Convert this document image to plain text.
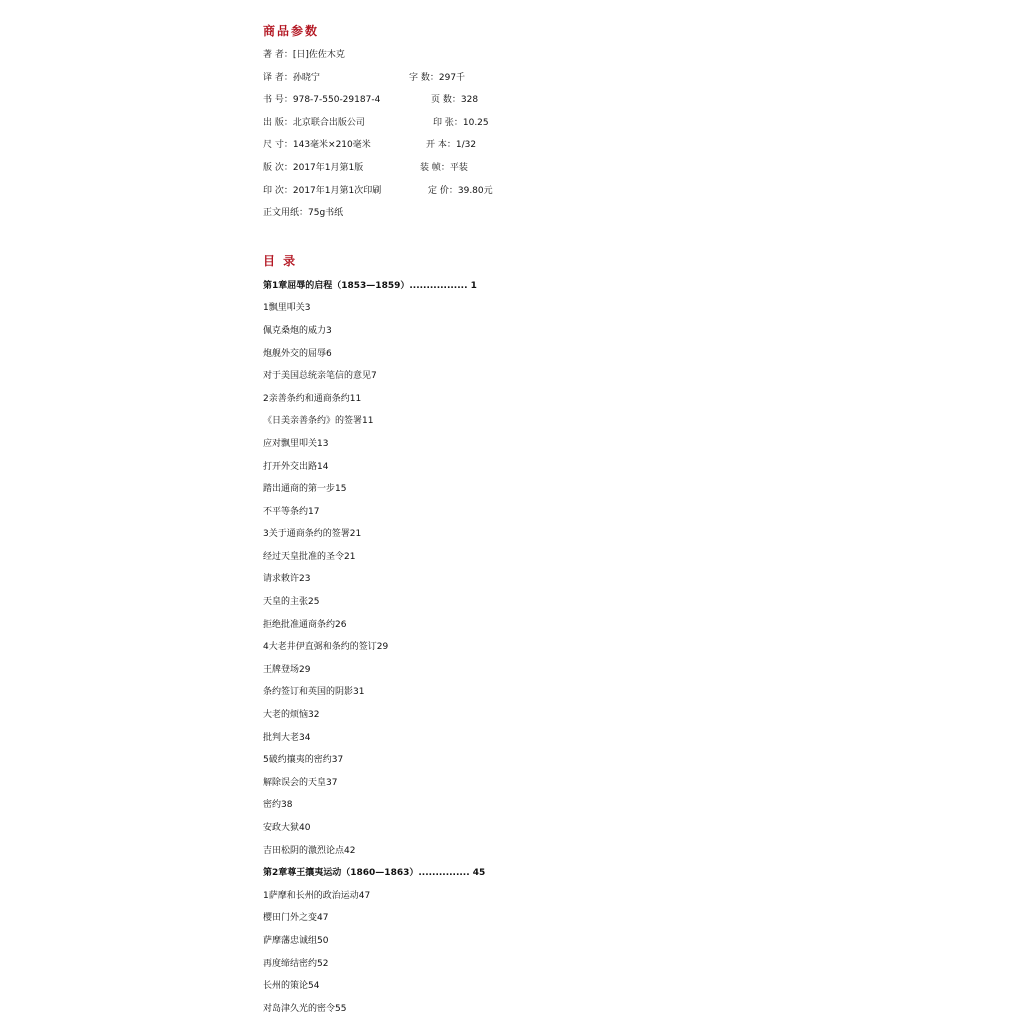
商品参数
著 者：[日]佐佐木克
译 者：孙晓宁	字 数：297千
书 号：978-7-550-29187-4	页 数：328
出 版：北京联合出版公司	印 张：10.25
尺 寸：143毫米×210毫米	开 本：1/32
版 次：2017年1月第1版	装 帧：平装
印 次：2017年1月第1次印刷	定 价：39.80元
正文用纸：75g书纸
目 录
第1章屈辱的启程（1853—1859）................. 1
1飘里叩关3
佩克桑炮的威力3
炮舰外交的屈辱6
对于美国总统亲笔信的意见7
2亲善条约和通商条约11
《日美亲善条约》的签署11
应对飘里叩关13
打开外交出路14
踏出通商的第一步15
不平等条约17
3关于通商条约的签署21
经过天皇批准的圣令21
请求敕许23
天皇的主张25
拒绝批准通商条约26
4大老井伊直弼和条约的签订29
王牌登场29
条约签订和英国的阴影31
大老的烦恼32
批判大老34
5破约攘夷的密约37
解除误会的天皇37
密约38
安政大狱40
吉田松阴的激烈论点42
第2章尊王攘夷运动（1860—1863）............... 45
1萨摩和长州的政治运动47
樱田门外之变47
萨摩藩忠诚组50
再度缔结密约52
长州的策论54
对岛津久光的密令55
